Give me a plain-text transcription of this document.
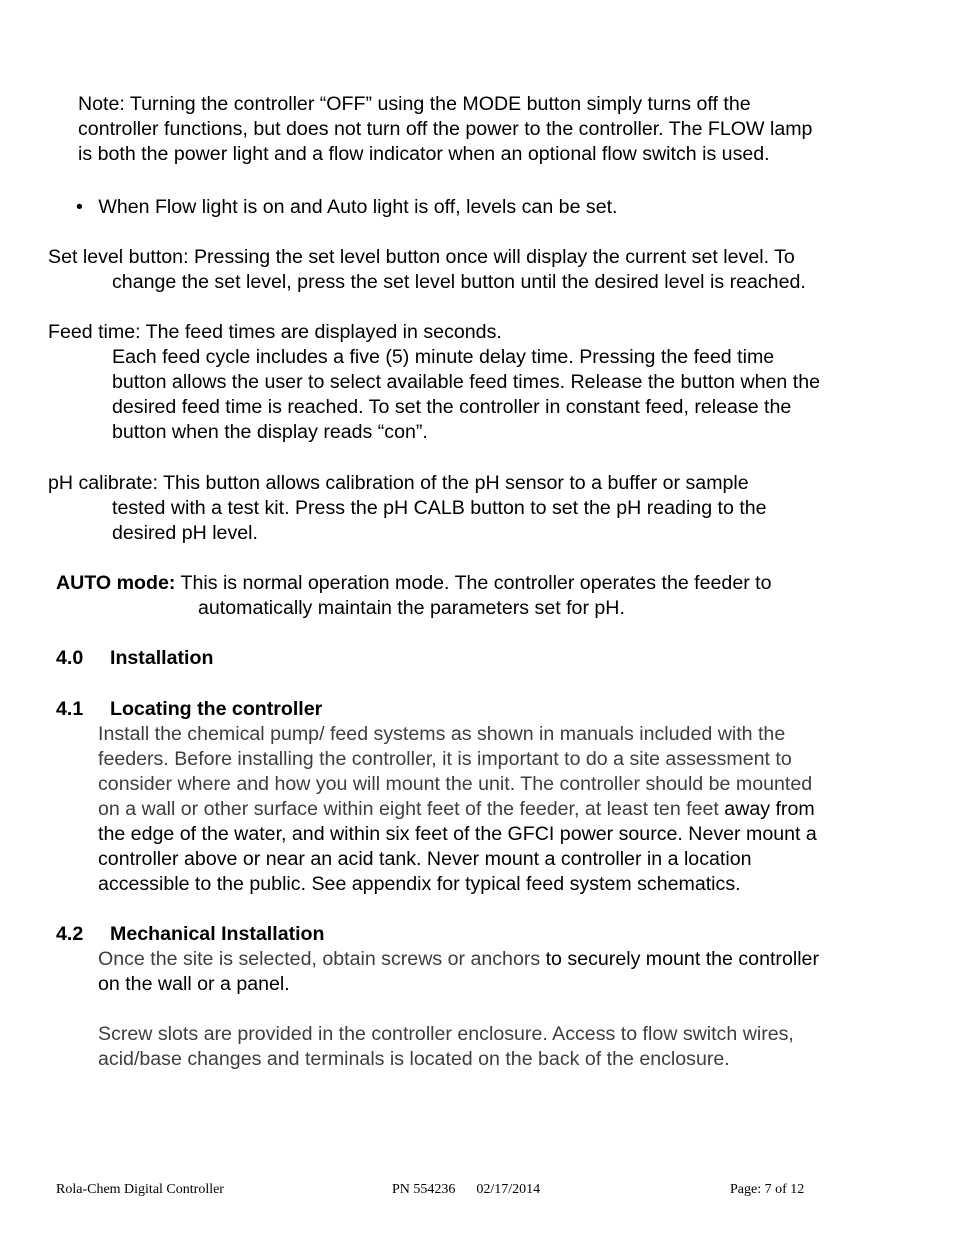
Note: Turning the controller “OFF” using the MODE button simply turns off the
controller functions, but does not turn off the power to the controller. The FLOW lamp
is both the power light and a flow indicator when an optional flow switch is used.
• When Flow light is on and Auto light is off, levels can be set.
Set level button: Pressing the set level button once will display the current set level. To
change the set level, press the set level button until the desired level is reached.
Feed time: The feed times are displayed in seconds.
Each feed cycle includes a five (5) minute delay time. Pressing the feed time
button allows the user to select available feed times. Release the button when the
desired feed time is reached. To set the controller in constant feed, release the
button when the display reads “con”.
pH calibrate: This button allows calibration of the pH sensor to a buffer or sample
tested with a test kit. Press the pH CALB button to set the pH reading to the
desired pH level.
AUTO mode: This is normal operation mode. The controller operates the feeder to
automatically maintain the parameters set for pH.
4.0 Installation
4.1 Locating the controller
Install the chemical pump/ feed systems as shown in manuals included with the
feeders. Before installing the controller, it is important to do a site assessment to
consider where and how you will mount the unit. The controller should be mounted
on a wall or other surface within eight feet of the feeder, at least ten feet away from
the edge of the water, and within six feet of the GFCI power source. Never mount a
controller above or near an acid tank. Never mount a controller in a location
accessible to the public. See appendix for typical feed system schematics.
4.2 Mechanical Installation
Once the site is selected, obtain screws or anchors to securely mount the controller
on the wall or a panel.
Screw slots are provided in the controller enclosure. Access to flow switch wires,
acid/base changes and terminals is located on the back of the enclosure.
Rola-Chem Digital Controller	PN 554236      02/17/2014	Page: 7 of 12
